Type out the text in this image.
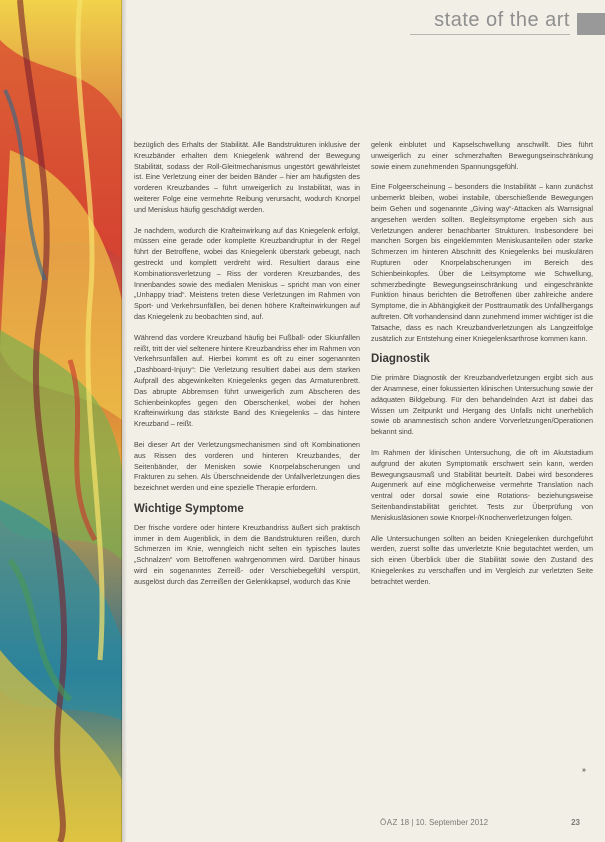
state of the art

bezüglich des Erhalts der Stabilität. Alle Bandstrukturen inklusive der Kreuzbänder erhalten dem Kniegelenk während der Bewegung Stabilität, sodass der Roll-Gleitmechanismus ungestört gewährleistet ist. Eine Verletzung einer der beiden Bänder – hier am häufigsten des vorderen Kreuzbandes – führt unweigerlich zu Instabilität, was in weiterer Folge eine vermehrte Reibung verursacht, wodurch Knorpel und Meniskus häufig geschädigt werden.

Je nachdem, wodurch die Krafteinwirkung auf das Kniegelenk erfolgt, müssen eine gerade oder komplette Kreuzbandruptur in der Regel führt der Betroffene, wobei das Kniegelenk überstark gebeugt, nach gestreckt und komplett verdreht wird. Resultiert daraus eine Kombinationsverletzung – Riss der vorderen Kreuzbandes, des Innenbandes sowie des medialen Meniskus – spricht man von einer „Unhappy triad“. Meistens treten diese Verletzungen im Rahmen von Sport- und Verkehrsunfällen, bei denen höhere Krafteinwirkungen auf das Kniegelenk zu beobachten sind, auf.

Während das vordere Kreuzband häufig bei Fußball- oder Skiunfällen reißt, tritt der viel seltenere hintere Kreuzbandriss eher im Rahmen von Verkehrsunfällen auf. Hierbei kommt es oft zu einer sogenannten „Dashboard-Injury“: Die Verletzung resultiert dabei aus dem starken Aufprall des abgewinkelten Kniegelenks gegen das Armaturenbrett. Das abrupte Abbremsen führt unweigerlich zum Abscheren des Schienbeinkopfes gegen den Oberschenkel, wobei der hohen Krafteinwirkung das stärkste Band des Kniegelenks – das hintere Kreuzband – reißt.

Bei dieser Art der Verletzungsmechanismen sind oft Kombinationen aus Rissen des vorderen und hinteren Kreuzbandes, der Seitenbänder, der Menisken sowie Knorpelabscherungen und Frakturen zu sehen. Als Überschneidende der Unfallverletzungen dies bezeichnet werden und eine spezielle Therapie erfordern.

Wichtige Symptome

Der frische vordere oder hintere Kreuzbandriss äußert sich praktisch immer in dem Augenblick, in dem die Bandstrukturen reißen, durch Schmerzen im Knie, wenngleich nicht selten ein typisches lautes „Schnalzen“ vom Betroffenen wahrgenommen wird. Darüber hinaus wird ein sogenanntes Zerreiß- oder Verschiebegefühl verspürt, ausgelöst durch das Zerreißen der Gelenkkapsel, wodurch das Knie

gelenk einblutet und Kapselschwellung anschwillt. Dies führt unweigerlich zu einer schmerzhaften Bewegungseinschränkung sowie einem zunehmenden Spannungsgefühl.

Eine Folgeerscheinung – besonders die Instabilität – kann zunächst unbemerkt bleiben, wobei instabile, überschießende Bewegungen beim Gehen und sogenannte „Giving way“-Attacken als Warnsignal angesehen werden sollten. Begleitsymptome ergeben sich aus Verletzungen anderer benachbarter Strukturen. Insbesondere bei manchen Sorgen bis eingeklemmten Meniskusanteilen oder starke Schmerzen im hinteren Abschnitt des Kniegelenks bei muskulären Rupturen oder Knorpelabscherungen im Bereich des Schienbeinkopfes. Über die Leitsymptome wie Schwellung, schmerzbedingte Bewegungseinschränkung und eingeschränkte Funktion hinaus berichten die Betroffenen über zahlreiche andere Symptome, die in Abhängigkeit der Posttraumatik des Unfallhergangs auftreten. Oft vorhandensind dann zunehmend immer wichtiger ist die Tatsache, dass es nach Kreuzbandverletzungen als Langzeitfolge zusätzlich zur Entstehung einer Kniegelenksarthrose kommen kann.

Diagnostik

Die primäre Diagnostik der Kreuzbandverletzungen ergibt sich aus der Anamnese, einer fokussierten klinischen Untersuchung sowie der adäquaten Bildgebung. Für den behandelnden Arzt ist dabei das Wissen um Zeitpunkt und Hergang des Unfalls nicht unerheblich sowie ob anamnestisch schon andere Vorverletzungen/Operationen bekannt sind.

Im Rahmen der klinischen Untersuchung, die oft im Akutstadium aufgrund der akuten Symptomatik erschwert sein kann, werden Bewegungsausmaß und Stabilität beurteilt. Dabei wird besonderes Augenmerk auf eine möglicherweise vermehrte Translation nach ventral oder dorsal sowie eine Rotations- beziehungsweise Seitenbandinstabilität gerichtet. Tests zur Überprüfung von Meniskusläsionen sowie Knorpel-/Knochenverletzungen folgen.

Alle Untersuchungen sollten an beiden Kniegelenken durchgeführt werden, zuerst sollte das unverletzte Knie begutachtet werden, um sich einen Überblick über die Stabilität sowie den Zustand des Kniegelenkes zu verschaffen und im Vergleich zur verletzten Seite betrachtet werden.

»
ÖAZ 18 | 10. September 2012	23
